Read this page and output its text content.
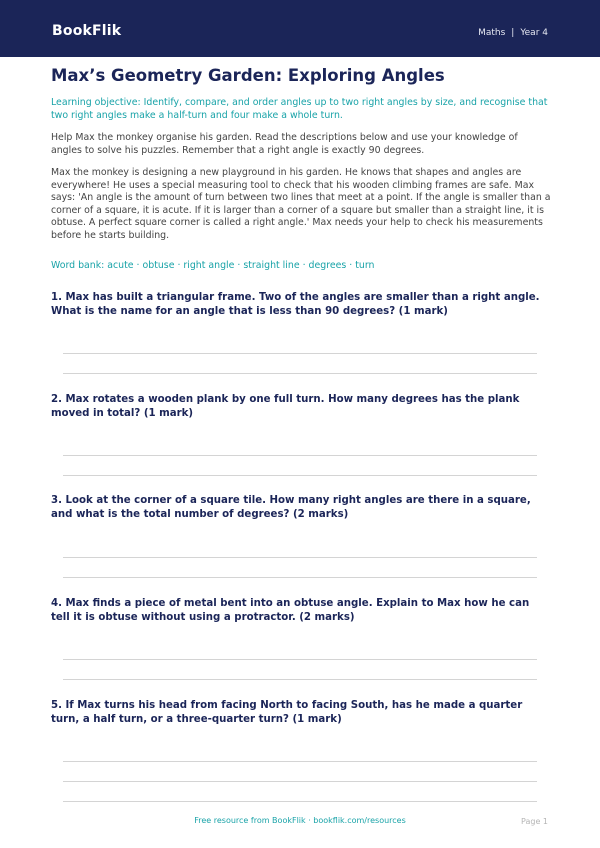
BookFlik	Maths | Year 4
Max’s Geometry Garden: Exploring Angles

Learning objective: Identify, compare, and order angles up to two right angles by size, and recognise that two right angles make a half-turn and four make a whole turn.

Help Max the monkey organise his garden. Read the descriptions below and use your knowledge of angles to solve his puzzles. Remember that a right angle is exactly 90 degrees.

Max the monkey is designing a new playground in his garden. He knows that shapes and angles are everywhere! He uses a special measuring tool to check that his wooden climbing frames are safe. Max says: 'An angle is the amount of turn between two lines that meet at a point. If the angle is smaller than a corner of a square, it is acute. If it is larger than a corner of a square but smaller than a straight line, it is obtuse. A perfect square corner is called a right angle.' Max needs your help to check his measurements before he starts building.

Word bank: acute · obtuse · right angle · straight line · degrees · turn

1. Max has built a triangular frame. Two of the angles are smaller than a right angle. What is the name for an angle that is less than 90 degrees? (1 mark)

2. Max rotates a wooden plank by one full turn. How many degrees has the plank moved in total? (1 mark)

3. Look at the corner of a square tile. How many right angles are there in a square, and what is the total number of degrees? (2 marks)

4. Max finds a piece of metal bent into an obtuse angle. Explain to Max how he can tell it is obtuse without using a protractor. (2 marks)

5. If Max turns his head from facing North to facing South, has he made a quarter turn, a half turn, or a three-quarter turn? (1 mark)

Free resource from BookFlik · bookflik.com/resources	Page 1
